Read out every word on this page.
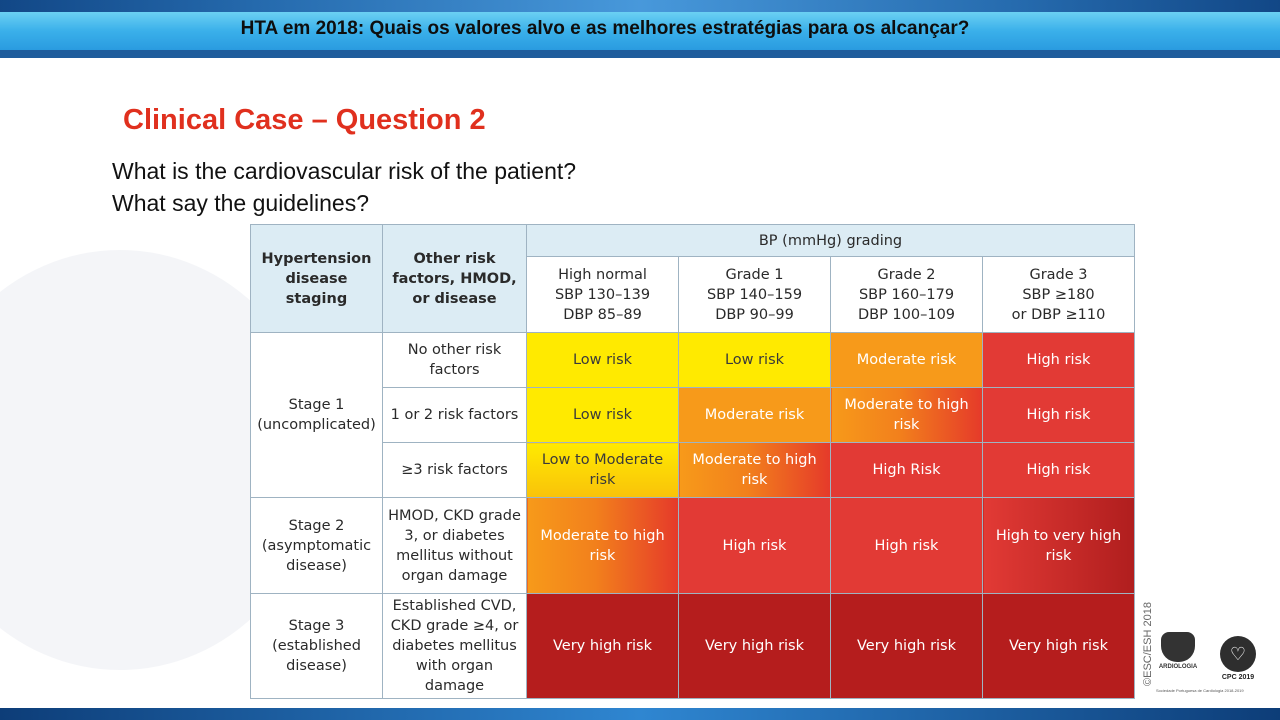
HTA em 2018: Quais os valores alvo e as melhores estratégias para os alcançar?
Clinical Case – Question 2
What is the cardiovascular risk of the patient?
What say the guidelines?
Hypertension disease staging	Other risk factors, HMOD, or disease	BP (mmHg) grading			
		High normal
SBP 130–139
DBP 85–89	Grade 1
SBP 140–159
DBP 90–99	Grade 2
SBP 160–179
DBP 100–109	Grade 3
SBP ≥180
or DBP ≥110
Stage 1
(uncomplicated)	No other risk factors	Low risk	Low risk	Moderate risk	High risk
	1 or 2 risk factors	Low risk	Moderate risk	Moderate to high risk	High risk
	≥3 risk factors	Low to Moderate risk	Moderate to high risk	High Risk	High risk
Stage 2
(asymptomatic disease)	HMOD, CKD grade 3, or diabetes mellitus without organ damage	Moderate to high risk	High risk	High risk	High to very high risk
Stage 3
(established disease)	Established CVD, CKD grade ≥4, or diabetes mellitus with organ damage	Very high risk	Very high risk	Very high risk	Very high risk	©ESC/ESH 2018 ARDIOLOGIA
♡
CPC 2019
Sociedade Portuguesa de Cardiologia 2018-2019
